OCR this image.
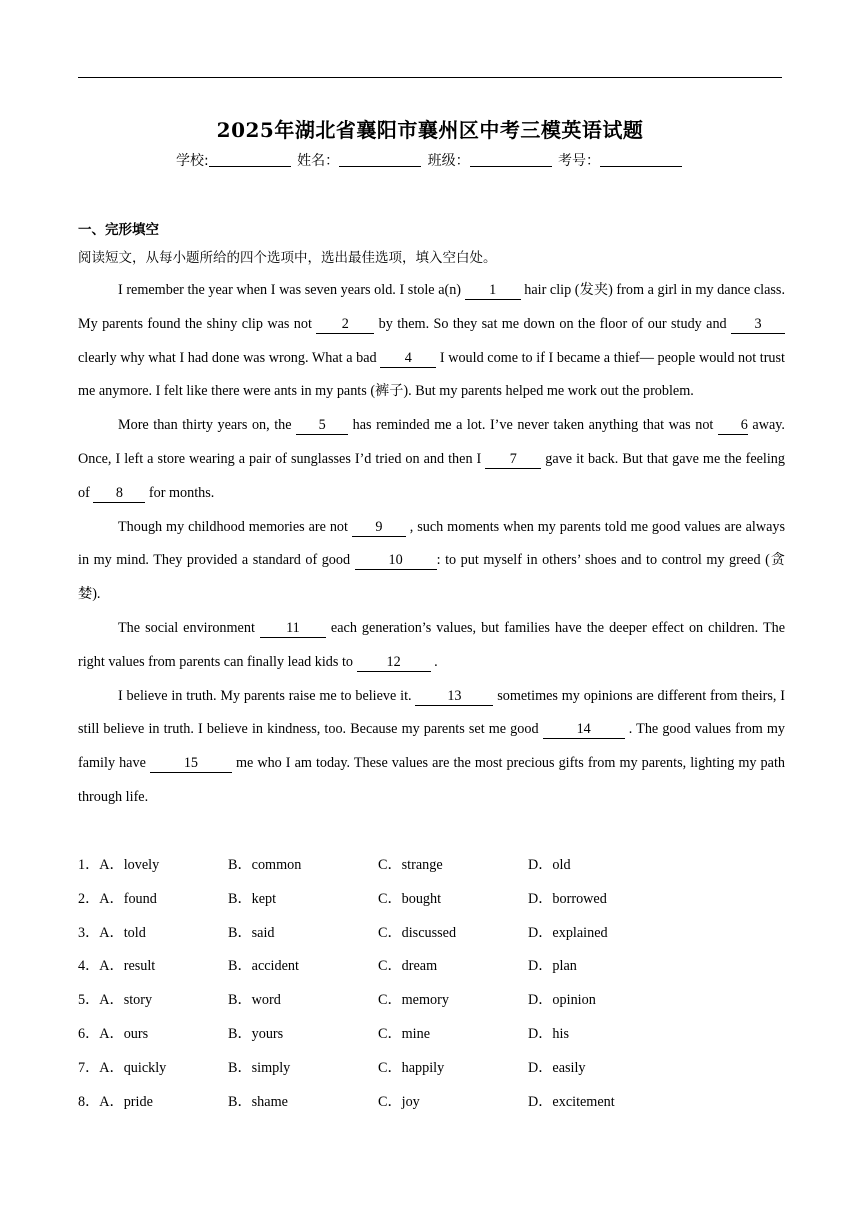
2025年湖北省襄阳市襄州区中考三模英语试题
学校:	姓名：	班级：	考号：
一、完形填空
阅读短文，从每小题所给的四个选项中，选出最佳选项，填入空白处。

I remember the year when I was seven years old. I stole a(n) 1 hair clip (发夹) from a girl in my dance class. My parents found the shiny clip was not 2 by them. So they sat me down on the floor of our study and 3 clearly why what I had done was wrong. What a bad 4 I would come to if I became a thief— people would not trust me anymore. I felt like there were ants in my pants (裤子). But my parents helped me work out the problem.

More than thirty years on, the 5 has reminded me a lot. I’ve never taken anything that was not 6 away. Once, I left a store wearing a pair of sunglasses I’d tried on and then I 7 gave it back. But that gave me the feeling of 8 for months.

Though my childhood memories are not 9 , such moments when my parents told me good values are always in my mind. They provided a standard of good 10 : to put myself in others’ shoes and to control my greed (贪婪).

The social environment 11 each generation’s values, but families have the deeper effect on children. The right values from parents can finally lead kids to 12 .

I believe in truth. My parents raise me to believe it. 13 sometimes my opinions are different from theirs, I still believe in truth. I believe in kindness, too. Because my parents set me good 14 . The good values from my family have 15 me who I am today. These values are the most precious gifts from my parents, lighting my path through life.

1．A．lovely	B．common	C．strange	D．old
2．A．found	B．kept	C．bought	D．borrowed
3．A．told	B．said	C．discussed	D．explained
4．A．result	B．accident	C．dream	D．plan
5．A．story	B．word	C．memory	D．opinion
6．A．ours	B．yours	C．mine	D．his
7．A．quickly	B．simply	C．happily	D．easily
8．A．pride	B．shame	C．joy	D．excitement
